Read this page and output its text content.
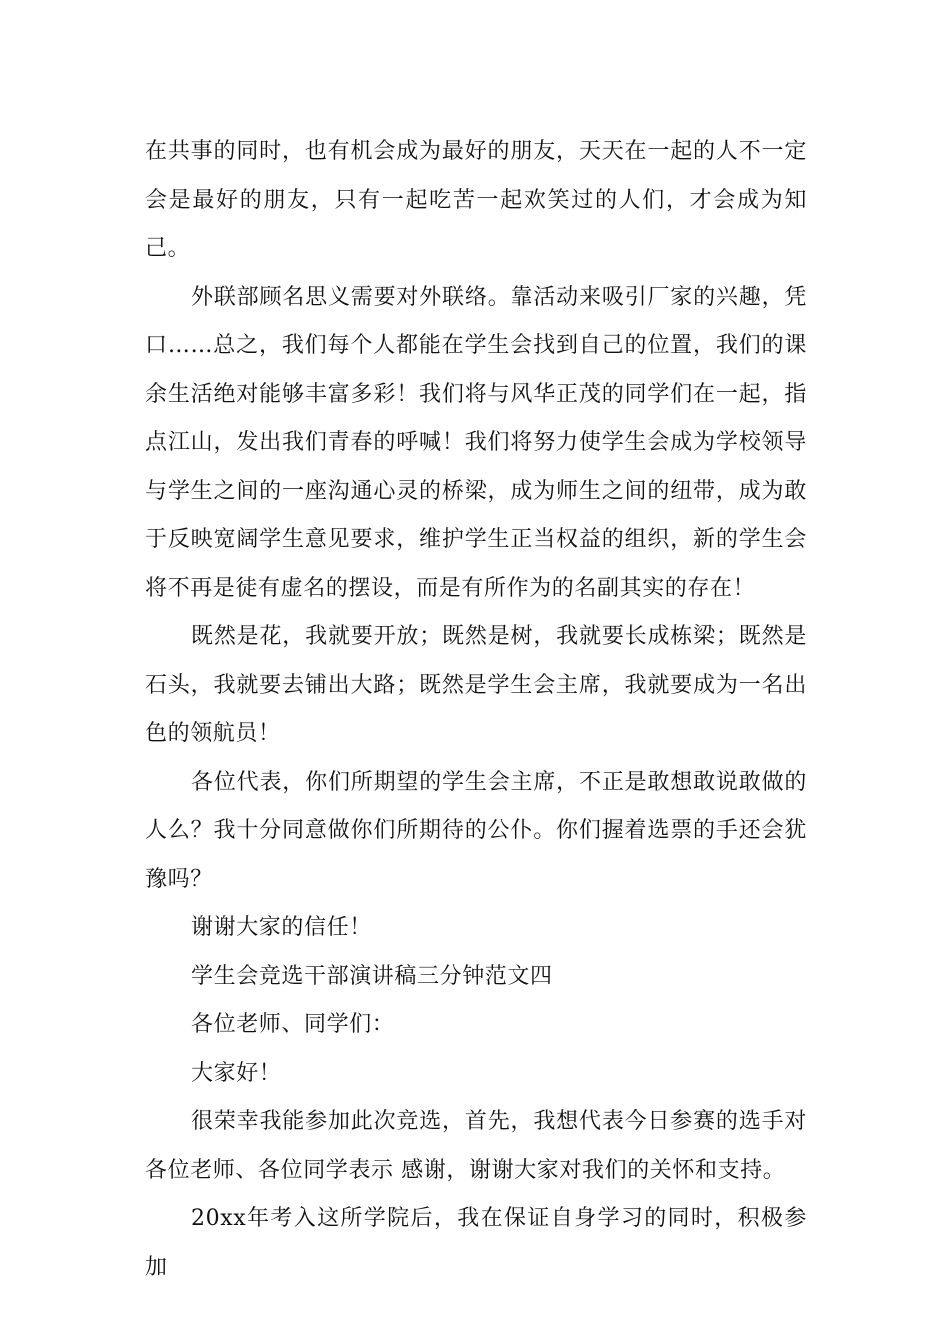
在共事的同时，也有机会成为最好的朋友，天天在一起的人不一定会是最好的朋友，只有一起吃苦一起欢笑过的人们，才会成为知己。

外联部顾名思义需要对外联络。靠活动来吸引厂家的兴趣，凭口……总之，我们每个人都能在学生会找到自己的位置，我们的课余生活绝对能够丰富多彩！我们将与风华正茂的同学们在一起，指点江山，发出我们青春的呼喊！我们将努力使学生会成为学校领导与学生之间的一座沟通心灵的桥梁，成为师生之间的纽带，成为敢于反映宽阔学生意见要求，维护学生正当权益的组织，新的学生会将不再是徒有虚名的摆设，而是有所作为的名副其实的存在！

既然是花，我就要开放；既然是树，我就要长成栋梁；既然是石头，我就要去铺出大路；既然是学生会主席，我就要成为一名出色的领航员！

各位代表，你们所期望的学生会主席，不正是敢想敢说敢做的人么？我十分同意做你们所期待的公仆。你们握着选票的手还会犹豫吗？

谢谢大家的信任！

学生会竞选干部演讲稿三分钟范文四

各位老师、同学们：

大家好！

很荣幸我能参加此次竞选，首先，我想代表今日参赛的选手对各位老师、各位同学表示 感谢，谢谢大家对我们的关怀和支持。

20xx年考入这所学院后，我在保证自身学习的同时，积极参加
